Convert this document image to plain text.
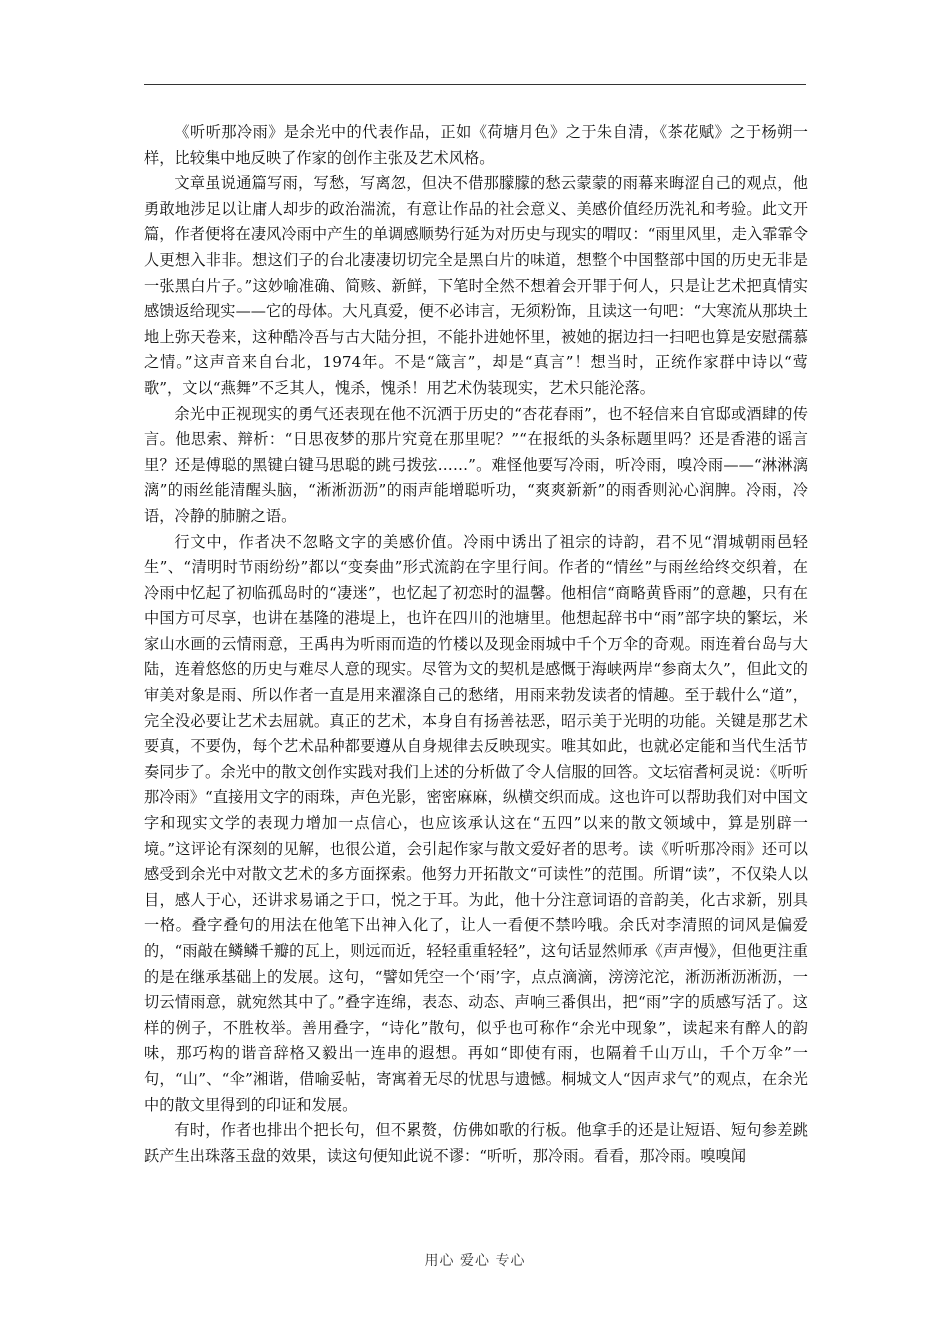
《听听那冷雨》是余光中的代表作品，正如《荷塘月色》之于朱自清，《茶花赋》之于杨朔一样，比较集中地反映了作家的创作主张及艺术风格。

文章虽说通篇写雨，写愁，写离忽，但决不借那朦朦的愁云蒙蒙的雨幕来晦涩自己的观点，他勇敢地涉足以让庸人却步的政治湍流，有意让作品的社会意义、美感价值经历洗礼和考验。此文开篇，作者便将在凄风冷雨中产生的单调感顺势行延为对历史与现实的喟叹：“雨里风里，走入霏霏令人更想入非非。想这们子的台北凄凄切切完全是黑白片的味道，想整个中国整部中国的历史无非是一张黑白片子。”这妙喻准确、简赅、新鲜，下笔时全然不想着会开罪于何人，只是让艺术把真情实感馈返给现实——它的母体。大凡真爱，便不必讳言，无须粉饰，且读这一句吧：“大寒流从那块土地上弥天卷来，这种酷冷吾与古大陆分担，不能扑进她怀里，被她的据边扫一扫吧也算是安慰孺慕之情。”这声音来自台北，1974年。不是“箴言”，却是“真言”！想当时，正统作家群中诗以“莺歌”，文以“燕舞”不乏其人，愧杀，愧杀！用艺术伪装现实，艺术只能沦落。

余光中正视现实的勇气还表现在他不沉洒于历史的“杏花春雨”，也不轻信来自官邸或酒肆的传言。他思索、辩析：“日思夜梦的那片究竟在那里呢？”“在报纸的头条标题里吗？还是香港的谣言里？还是傅聪的黑键白键马思聪的跳弓拨弦……”。难怪他要写冷雨，听冷雨，嗅冷雨——“淋淋漓漓”的雨丝能清醒头脑，“淅淅沥沥”的雨声能增聪听功，“爽爽新新”的雨香则沁心润脾。冷雨，冷语，冷静的肺腑之语。

行文中，作者决不忽略文字的美感价值。冷雨中诱出了祖宗的诗韵，君不见“渭城朝雨邑轻生”、“清明时节雨纷纷”都以“变奏曲”形式流韵在字里行间。作者的“情丝”与雨丝给终交织着，在冷雨中忆起了初临孤岛时的“凄迷”，也忆起了初恋时的温馨。他相信“商略黄昏雨”的意趣，只有在中国方可尽享，也讲在基隆的港堤上，也许在四川的池塘里。他想起辞书中“雨”部字块的繁坛，米家山水画的云情雨意，王禹冉为听雨而造的竹楼以及现金雨城中千个万伞的奇观。雨连着台岛与大陆，连着悠悠的历史与难尽人意的现实。尽管为文的契机是感慨于海峡两岸“参商太久”，但此文的审美对象是雨、所以作者一直是用来濯涤自己的愁绪，用雨来勃发读者的情趣。至于载什么“道”，完全没必要让艺术去屈就。真正的艺术，本身自有扬善祛恶，昭示美于光明的功能。关键是那艺术要真，不要伪，每个艺术品种都要遵从自身规律去反映现实。唯其如此，也就必定能和当代生活节奏同步了。余光中的散文创作实践对我们上述的分析做了令人信服的回答。文坛宿耆柯灵说：《听听那冷雨》“直接用文字的雨珠，声色光影，密密麻麻，纵横交织而成。这也许可以帮助我们对中国文字和现实文学的表现力增加一点信心，也应该承认这在“五四”以来的散文领域中，算是别辟一境。”这评论有深刻的见解，也很公道，会引起作家与散文爱好者的思考。读《听听那冷雨》还可以感受到余光中对散文艺术的多方面探索。他努力开拓散文“可读性”的范围。所谓“读”，不仅染人以目，感人于心，还讲求易诵之于口，悦之于耳。为此，他十分注意词语的音韵美，化古求新，别具一格。叠字叠句的用法在他笔下出神入化了，让人一看便不禁吟哦。余氏对李清照的词风是偏爱的，“雨敲在鳞鳞千瓣的瓦上，则远而近，轻轻重重轻轻”，这句话显然师承《声声慢》，但他更注重的是在继承基础上的发展。这句，“譬如凭空一个‘雨’字，点点滴滴，滂滂沱沱，淅沥淅沥淅沥，一切云情雨意，就宛然其中了。”叠字连绵，表态、动态、声响三番俱出，把“雨”字的质感写活了。这样的例子，不胜枚举。善用叠字，“诗化”散句，似乎也可称作“余光中现象”，读起来有醉人的韵味，那巧构的谐音辞格又毅出一连串的遐想。再如“即使有雨，也隔着千山万山，千个万伞”一句，“山”、“伞”湘谐，借喻妥帖，寄寓着无尽的忧思与遗憾。桐城文人“因声求气”的观点，在余光中的散文里得到的印证和发展。

有时，作者也排出个把长句，但不累赘，仿佛如歌的行板。他拿手的还是让短语、短句参差跳跃产生出珠落玉盘的效果，读这句便知此说不谬：“听听，那冷雨。看看，那冷雨。嗅嗅闻

用心 爱心 专心
